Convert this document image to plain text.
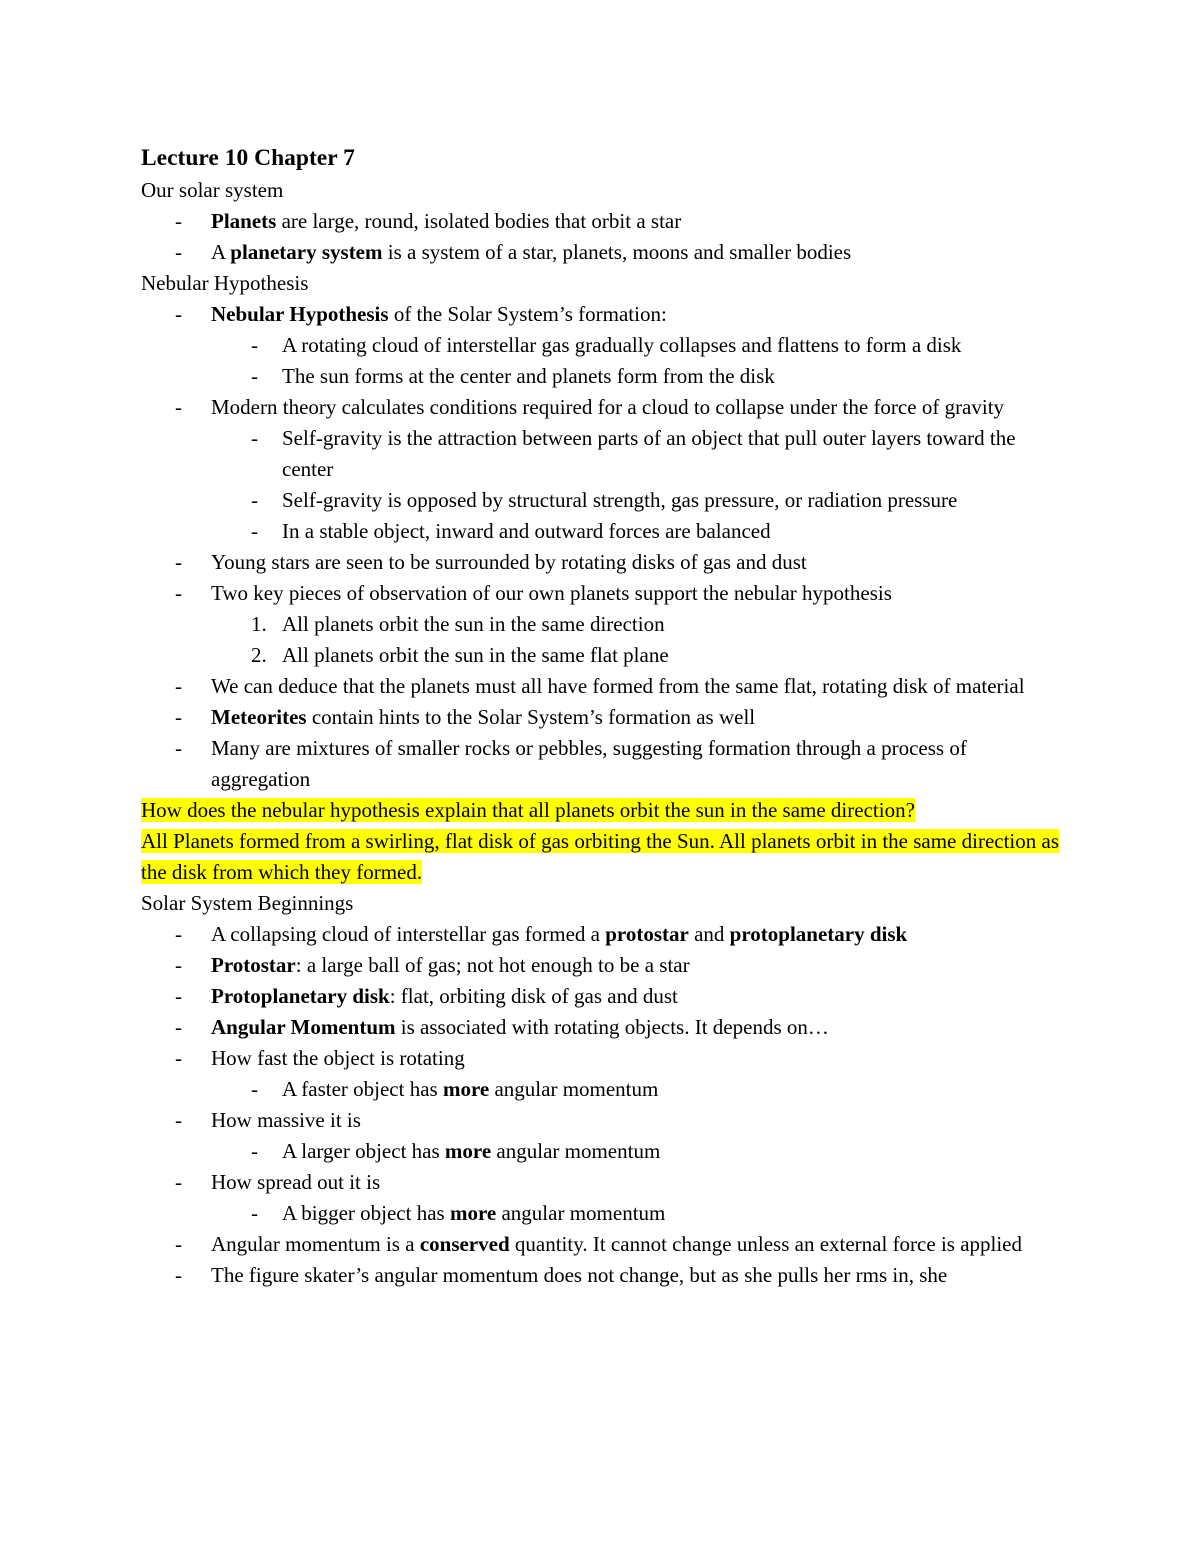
Lecture 10 Chapter 7
Our solar system
- Planets are large, round, isolated bodies that orbit a star
- A planetary system is a system of a star, planets, moons and smaller bodies
Nebular Hypothesis
- Nebular Hypothesis of the Solar System’s formation:
- A rotating cloud of interstellar gas gradually collapses and flattens to form a disk
- The sun forms at the center and planets form from the disk
- Modern theory calculates conditions required for a cloud to collapse under the force of gravity
- Self-gravity is the attraction between parts of an object that pull outer layers toward the center
- Self-gravity is opposed by structural strength, gas pressure, or radiation pressure
- In a stable object, inward and outward forces are balanced
- Young stars are seen to be surrounded by rotating disks of gas and dust
- Two key pieces of observation of our own planets support the nebular hypothesis
1. All planets orbit the sun in the same direction
2. All planets orbit the sun in the same flat plane
- We can deduce that the planets must all have formed from the same flat, rotating disk of material
- Meteorites contain hints to the Solar System’s formation as well
- Many are mixtures of smaller rocks or pebbles, suggesting formation through a process of aggregation
How does the nebular hypothesis explain that all planets orbit the sun in the same direction?
All Planets formed from a swirling, flat disk of gas orbiting the Sun. All planets orbit in the same direction as the disk from which they formed.
Solar System Beginnings
- A collapsing cloud of interstellar gas formed a protostar and protoplanetary disk
- Protostar: a large ball of gas; not hot enough to be a star
- Protoplanetary disk: flat, orbiting disk of gas and dust
- Angular Momentum is associated with rotating objects. It depends on…
- How fast the object is rotating
- A faster object has more angular momentum
- How massive it is
- A larger object has more angular momentum
- How spread out it is
- A bigger object has more angular momentum
- Angular momentum is a conserved quantity. It cannot change unless an external force is applied
- The figure skater’s angular momentum does not change, but as she pulls her rms in, she
